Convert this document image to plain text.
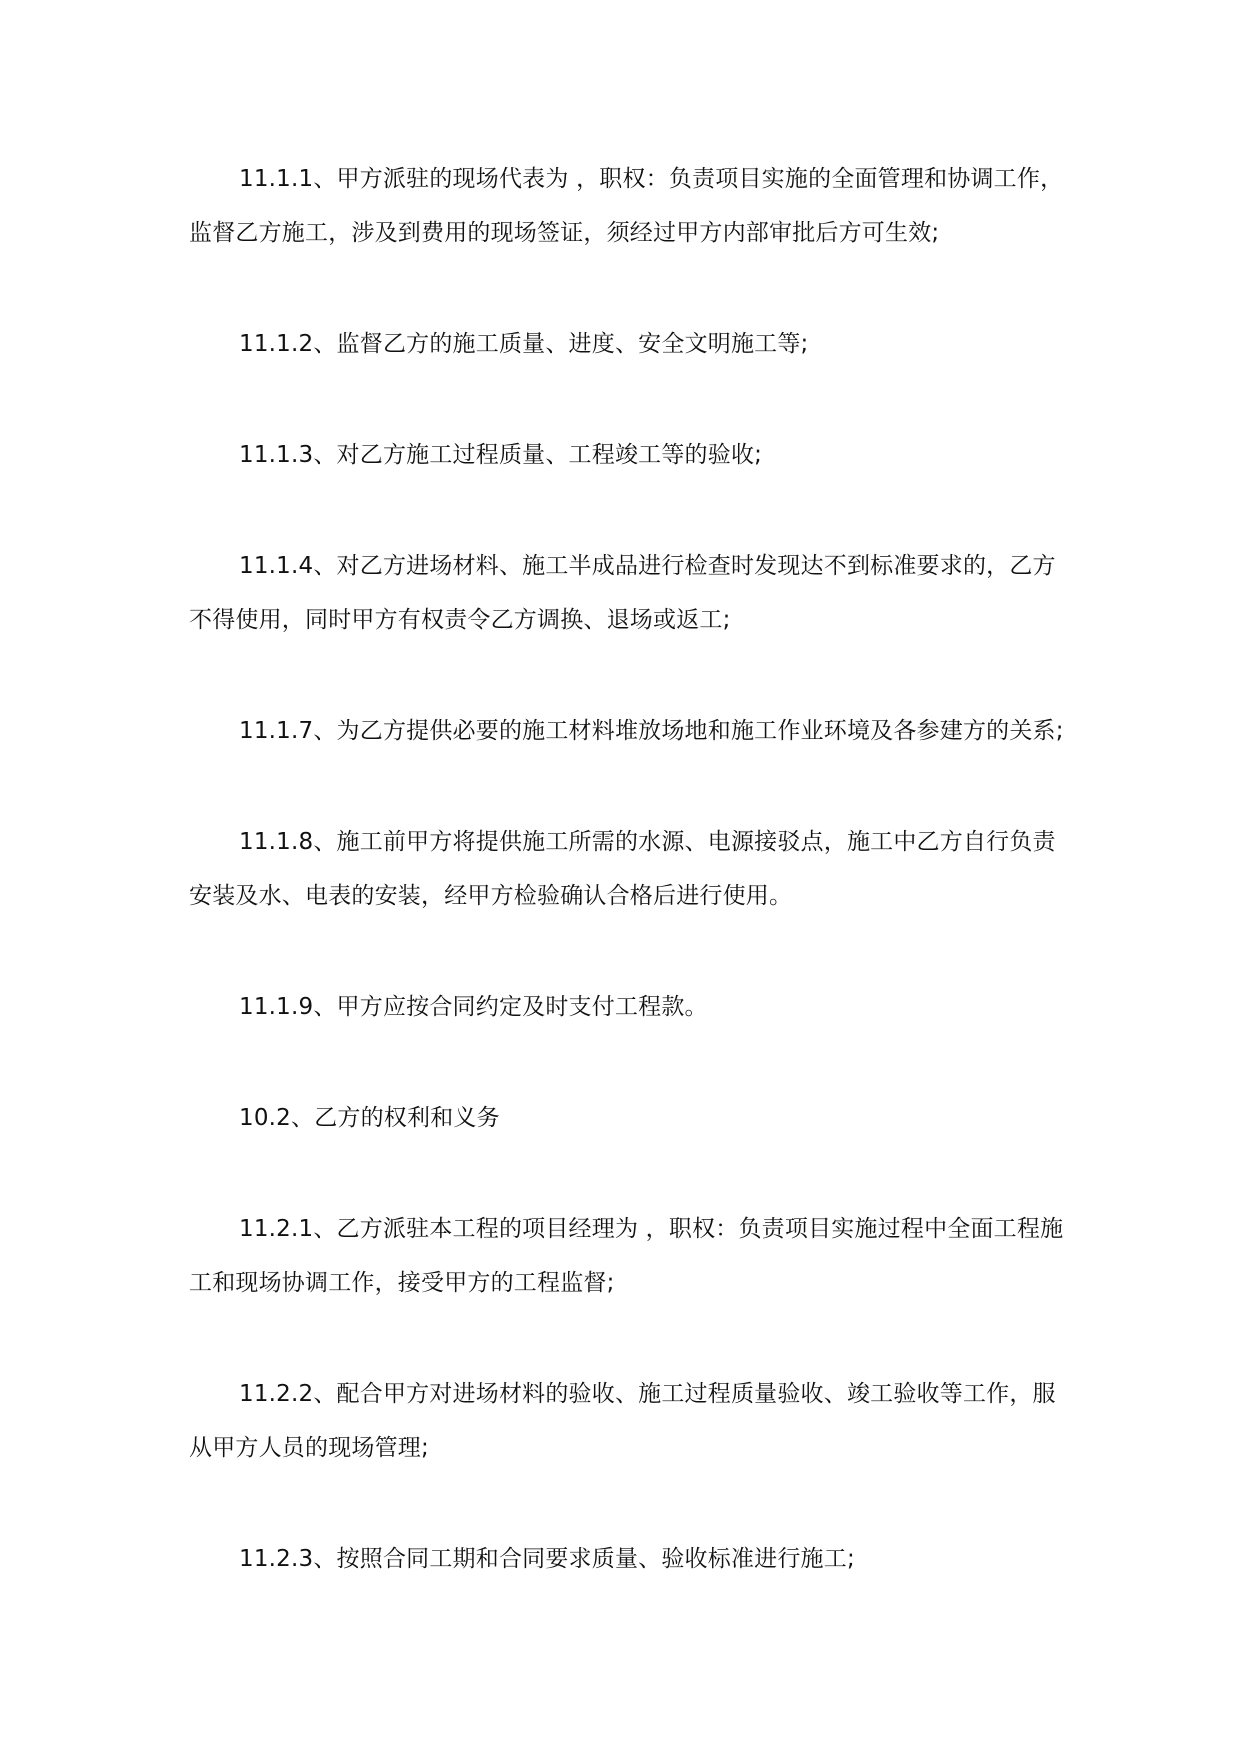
11.1.1、甲方派驻的现场代表为 ，职权：负责项目实施的全面管理和协调工作，监督乙方施工，涉及到费用的现场签证，须经过甲方内部审批后方可生效;

11.1.2、监督乙方的施工质量、进度、安全文明施工等;

11.1.3、对乙方施工过程质量、工程竣工等的验收;

11.1.4、对乙方进场材料、施工半成品进行检查时发现达不到标准要求的，乙方不得使用，同时甲方有权责令乙方调换、退场或返工;

11.1.7、为乙方提供必要的施工材料堆放场地和施工作业环境及各参建方的关系;

11.1.8、施工前甲方将提供施工所需的水源、电源接驳点，施工中乙方自行负责安装及水、电表的安装，经甲方检验确认合格后进行使用。

11.1.9、甲方应按合同约定及时支付工程款。

10.2、乙方的权利和义务

11.2.1、乙方派驻本工程的项目经理为 ，职权：负责项目实施过程中全面工程施工和现场协调工作，接受甲方的工程监督;

11.2.2、配合甲方对进场材料的验收、施工过程质量验收、竣工验收等工作，服从甲方人员的现场管理;

11.2.3、按照合同工期和合同要求质量、验收标准进行施工;
